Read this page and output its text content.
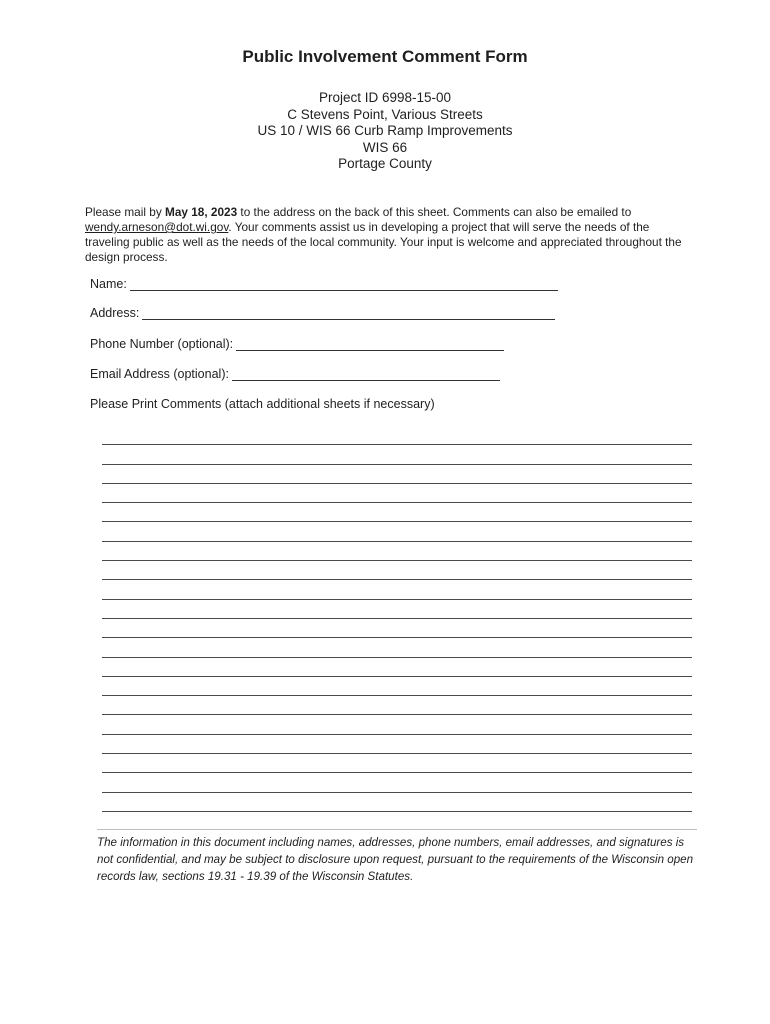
Public Involvement Comment Form
Project ID 6998-15-00
C Stevens Point, Various Streets
US 10 / WIS 66 Curb Ramp Improvements
WIS 66
Portage County
Please mail by May 18, 2023 to the address on the back of this sheet. Comments can also be emailed to wendy.arneson@dot.wi.gov. Your comments assist us in developing a project that will serve the needs of the traveling public as well as the needs of the local community. Your input is welcome and appreciated throughout the design process.
Name:
Address:
Phone Number (optional):
Email Address (optional):
Please Print Comments (attach additional sheets if necessary)
The information in this document including names, addresses, phone numbers, email addresses, and signatures is not confidential, and may be subject to disclosure upon request, pursuant to the requirements of the Wisconsin open records law, sections 19.31 - 19.39 of the Wisconsin Statutes.
